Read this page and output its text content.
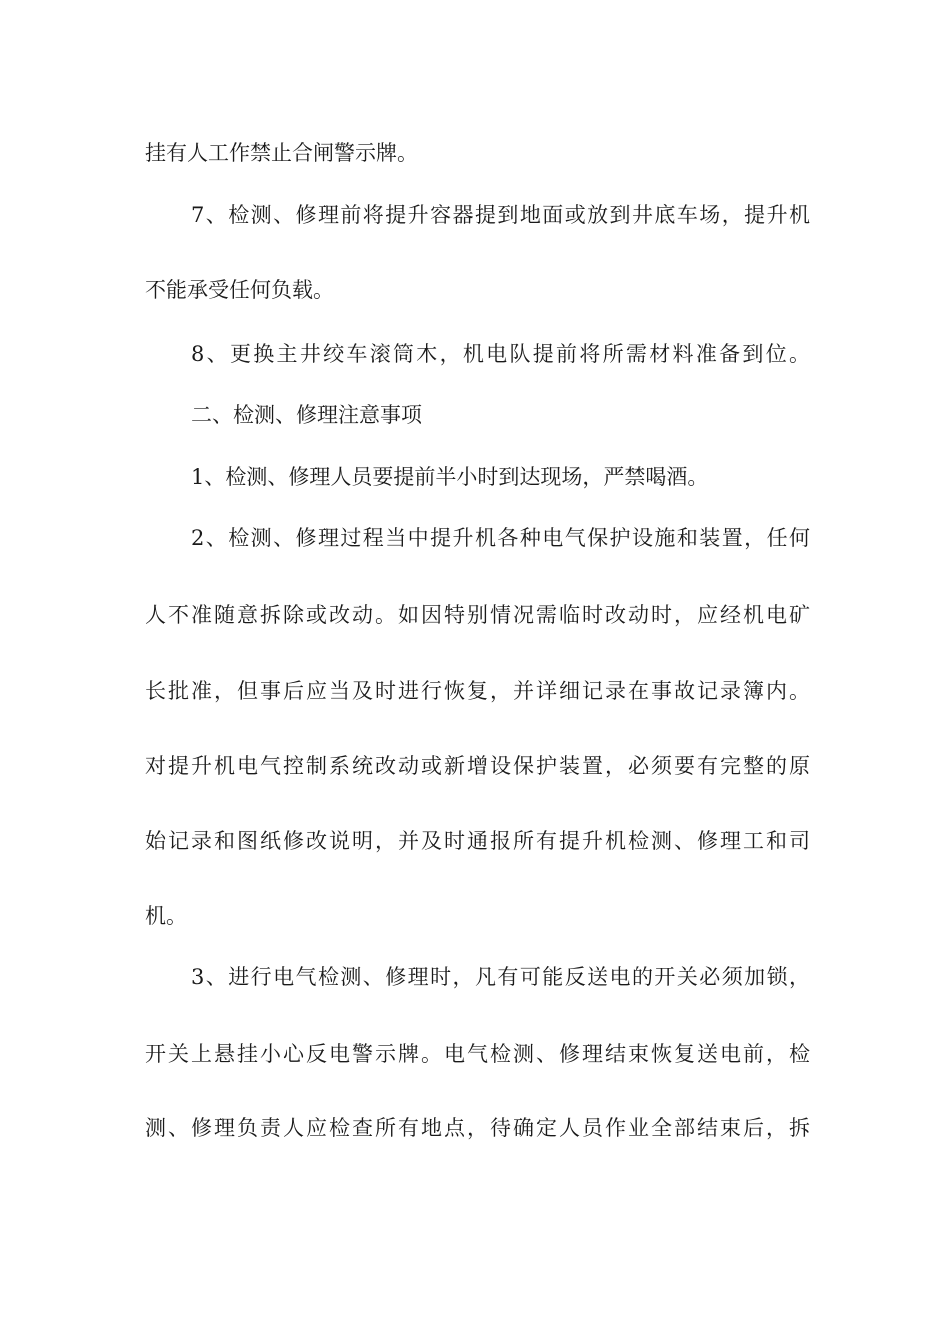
挂有人工作禁止合闸警示牌。
7、检测、修理前将提升容器提到地面或放到井底车场，提升机
不能承受任何负载。
8、更换主井绞车滚筒木，机电队提前将所需材料准备到位。
二、检测、修理注意事项
1、检测、修理人员要提前半小时到达现场，严禁喝酒。
2、检测、修理过程当中提升机各种电气保护设施和装置，任何
人不准随意拆除或改动。如因特别情况需临时改动时，应经机电矿
长批准，但事后应当及时进行恢复，并详细记录在事故记录簿内。
对提升机电气控制系统改动或新增设保护装置，必须要有完整的原
始记录和图纸修改说明，并及时通报所有提升机检测、修理工和司
机。
3、进行电气检测、修理时，凡有可能反送电的开关必须加锁，
开关上悬挂小心反电警示牌。电气检测、修理结束恢复送电前，检
测、修理负责人应检查所有地点，待确定人员作业全部结束后，拆
